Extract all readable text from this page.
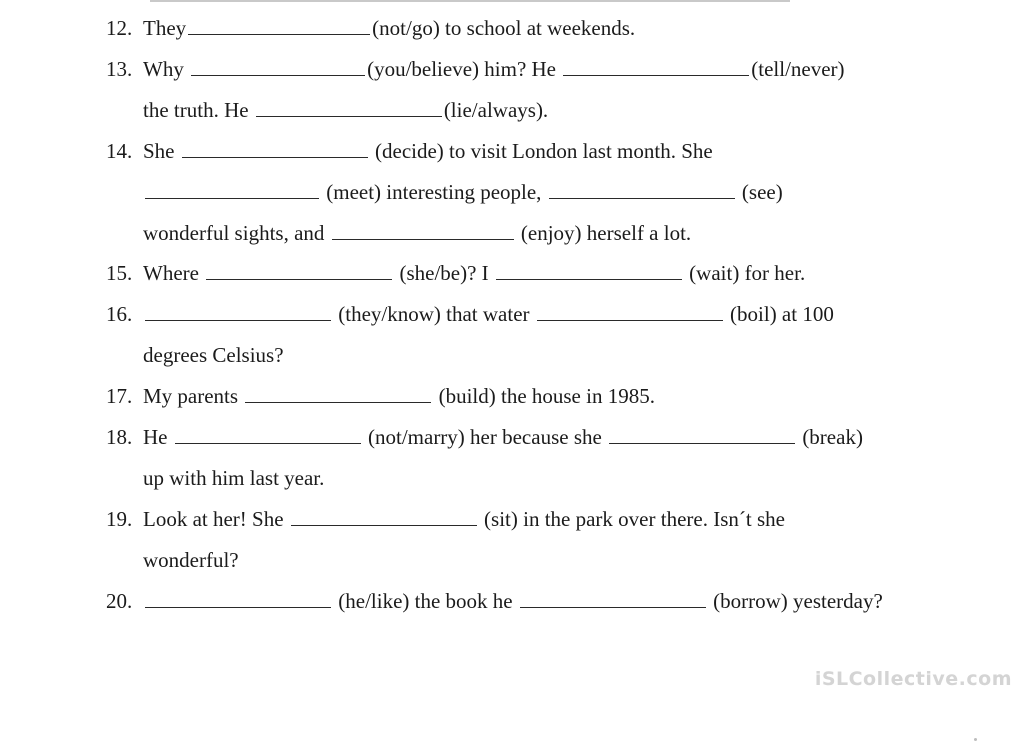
12. They	(not/go) to school at weekends.
13. Why	(you/believe) him? He	(tell/never)
the truth. He	(lie/always).
14. She	(decide) to visit London last month. She
(meet) interesting people,	(see)
wonderful sights, and	(enjoy) herself a lot.
15. Where	(she/be)? I	(wait) for her.
16.	(they/know) that water	(boil) at 100
degrees Celsius?
17. My parents	(build) the house in 1985.
18. He	(not/marry) her because she	(break)
up with him last year.
19. Look at her! She	(sit) in the park over there. Isn´t she
wonderful?
20.	(he/like) the book he	(borrow) yesterday?
iSLCollective.com
